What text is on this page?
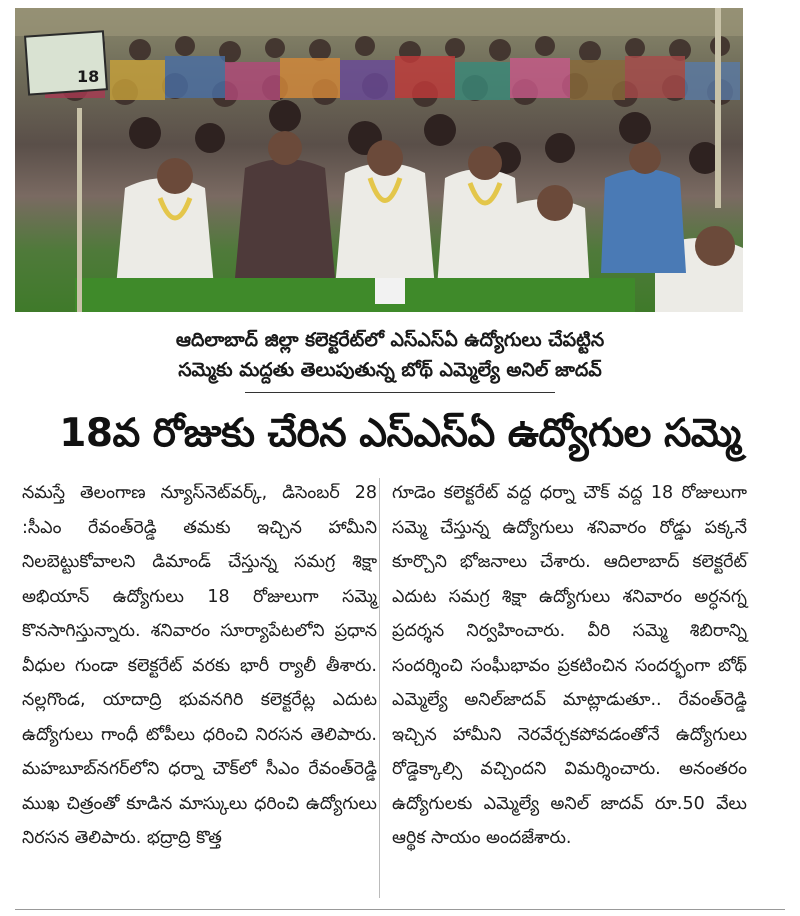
18
ఆదిలాబాద్ జిల్లా కలెక్టరేట్‌లో ఎస్ఎస్ఏ ఉద్యోగులు చేపట్టిన
సమ్మెకు మద్దతు తెలుపుతున్న బోథ్ ఎమ్మెల్యే అనిల్ జాదవ్
18వ రోజుకు చేరిన ఎస్ఎస్ఏ ఉద్యోగుల సమ్మె

నమస్తే తెలంగాణ న్యూస్‌నెట్‌వర్క్, డిసెంబర్ 28 :సీఎం రేవంత్‌రెడ్డి తమకు ఇచ్చిన హామీని నిలబెట్టుకోవాలని డిమాండ్ చేస్తున్న సమగ్ర శిక్షా అభియాన్ ఉద్యోగులు 18 రోజులుగా సమ్మె కొనసాగిస్తున్నారు. శనివారం సూర్యాపేటలోని ప్రధాన వీధుల గుండా కలెక్టరేట్ వరకు భారీ ర్యాలీ తీశారు. నల్లగొండ, యాదాద్రి భువనగిరి కలెక్టరేట్ల ఎదుట ఉద్యోగులు గాంధీ టోపీలు ధరించి నిరసన తెలిపారు. మహబూబ్‌నగర్‌లోని ధర్నా చౌక్‌లో సీఎం రేవంత్‌రెడ్డి ముఖ చిత్రంతో కూడిన మాస్కులు ధరించి ఉద్యోగులు నిరసన తెలిపారు. భద్రాద్రి కొత్త

గూడెం కలెక్టరేట్ వద్ద ధర్నా చౌక్ వద్ద 18 రోజులుగా సమ్మె చేస్తున్న ఉద్యోగులు శనివారం రోడ్డు పక్కనే కూర్చొని భోజనాలు చేశారు. ఆదిలాబాద్ కలెక్టరేట్ ఎదుట సమగ్ర శిక్షా ఉద్యోగులు శనివారం అర్ధనగ్న ప్రదర్శన నిర్వహించారు. వీరి సమ్మె శిబిరాన్ని సందర్శించి సంఘీభావం ప్రకటించిన సందర్భంగా బోథ్ ఎమ్మెల్యే అనిల్‌జాదవ్ మాట్లాడుతూ.. రేవంత్‌రెడ్డి ఇచ్చిన హామీని నెరవేర్చకపోవడంతోనే ఉద్యోగులు రోడ్డెక్కాల్సి వచ్చిందని విమర్శించారు. అనంతరం ఉద్యోగులకు ఎమ్మెల్యే అనిల్ జాదవ్ రూ.50 వేలు ఆర్థిక సాయం అందజేశారు.
